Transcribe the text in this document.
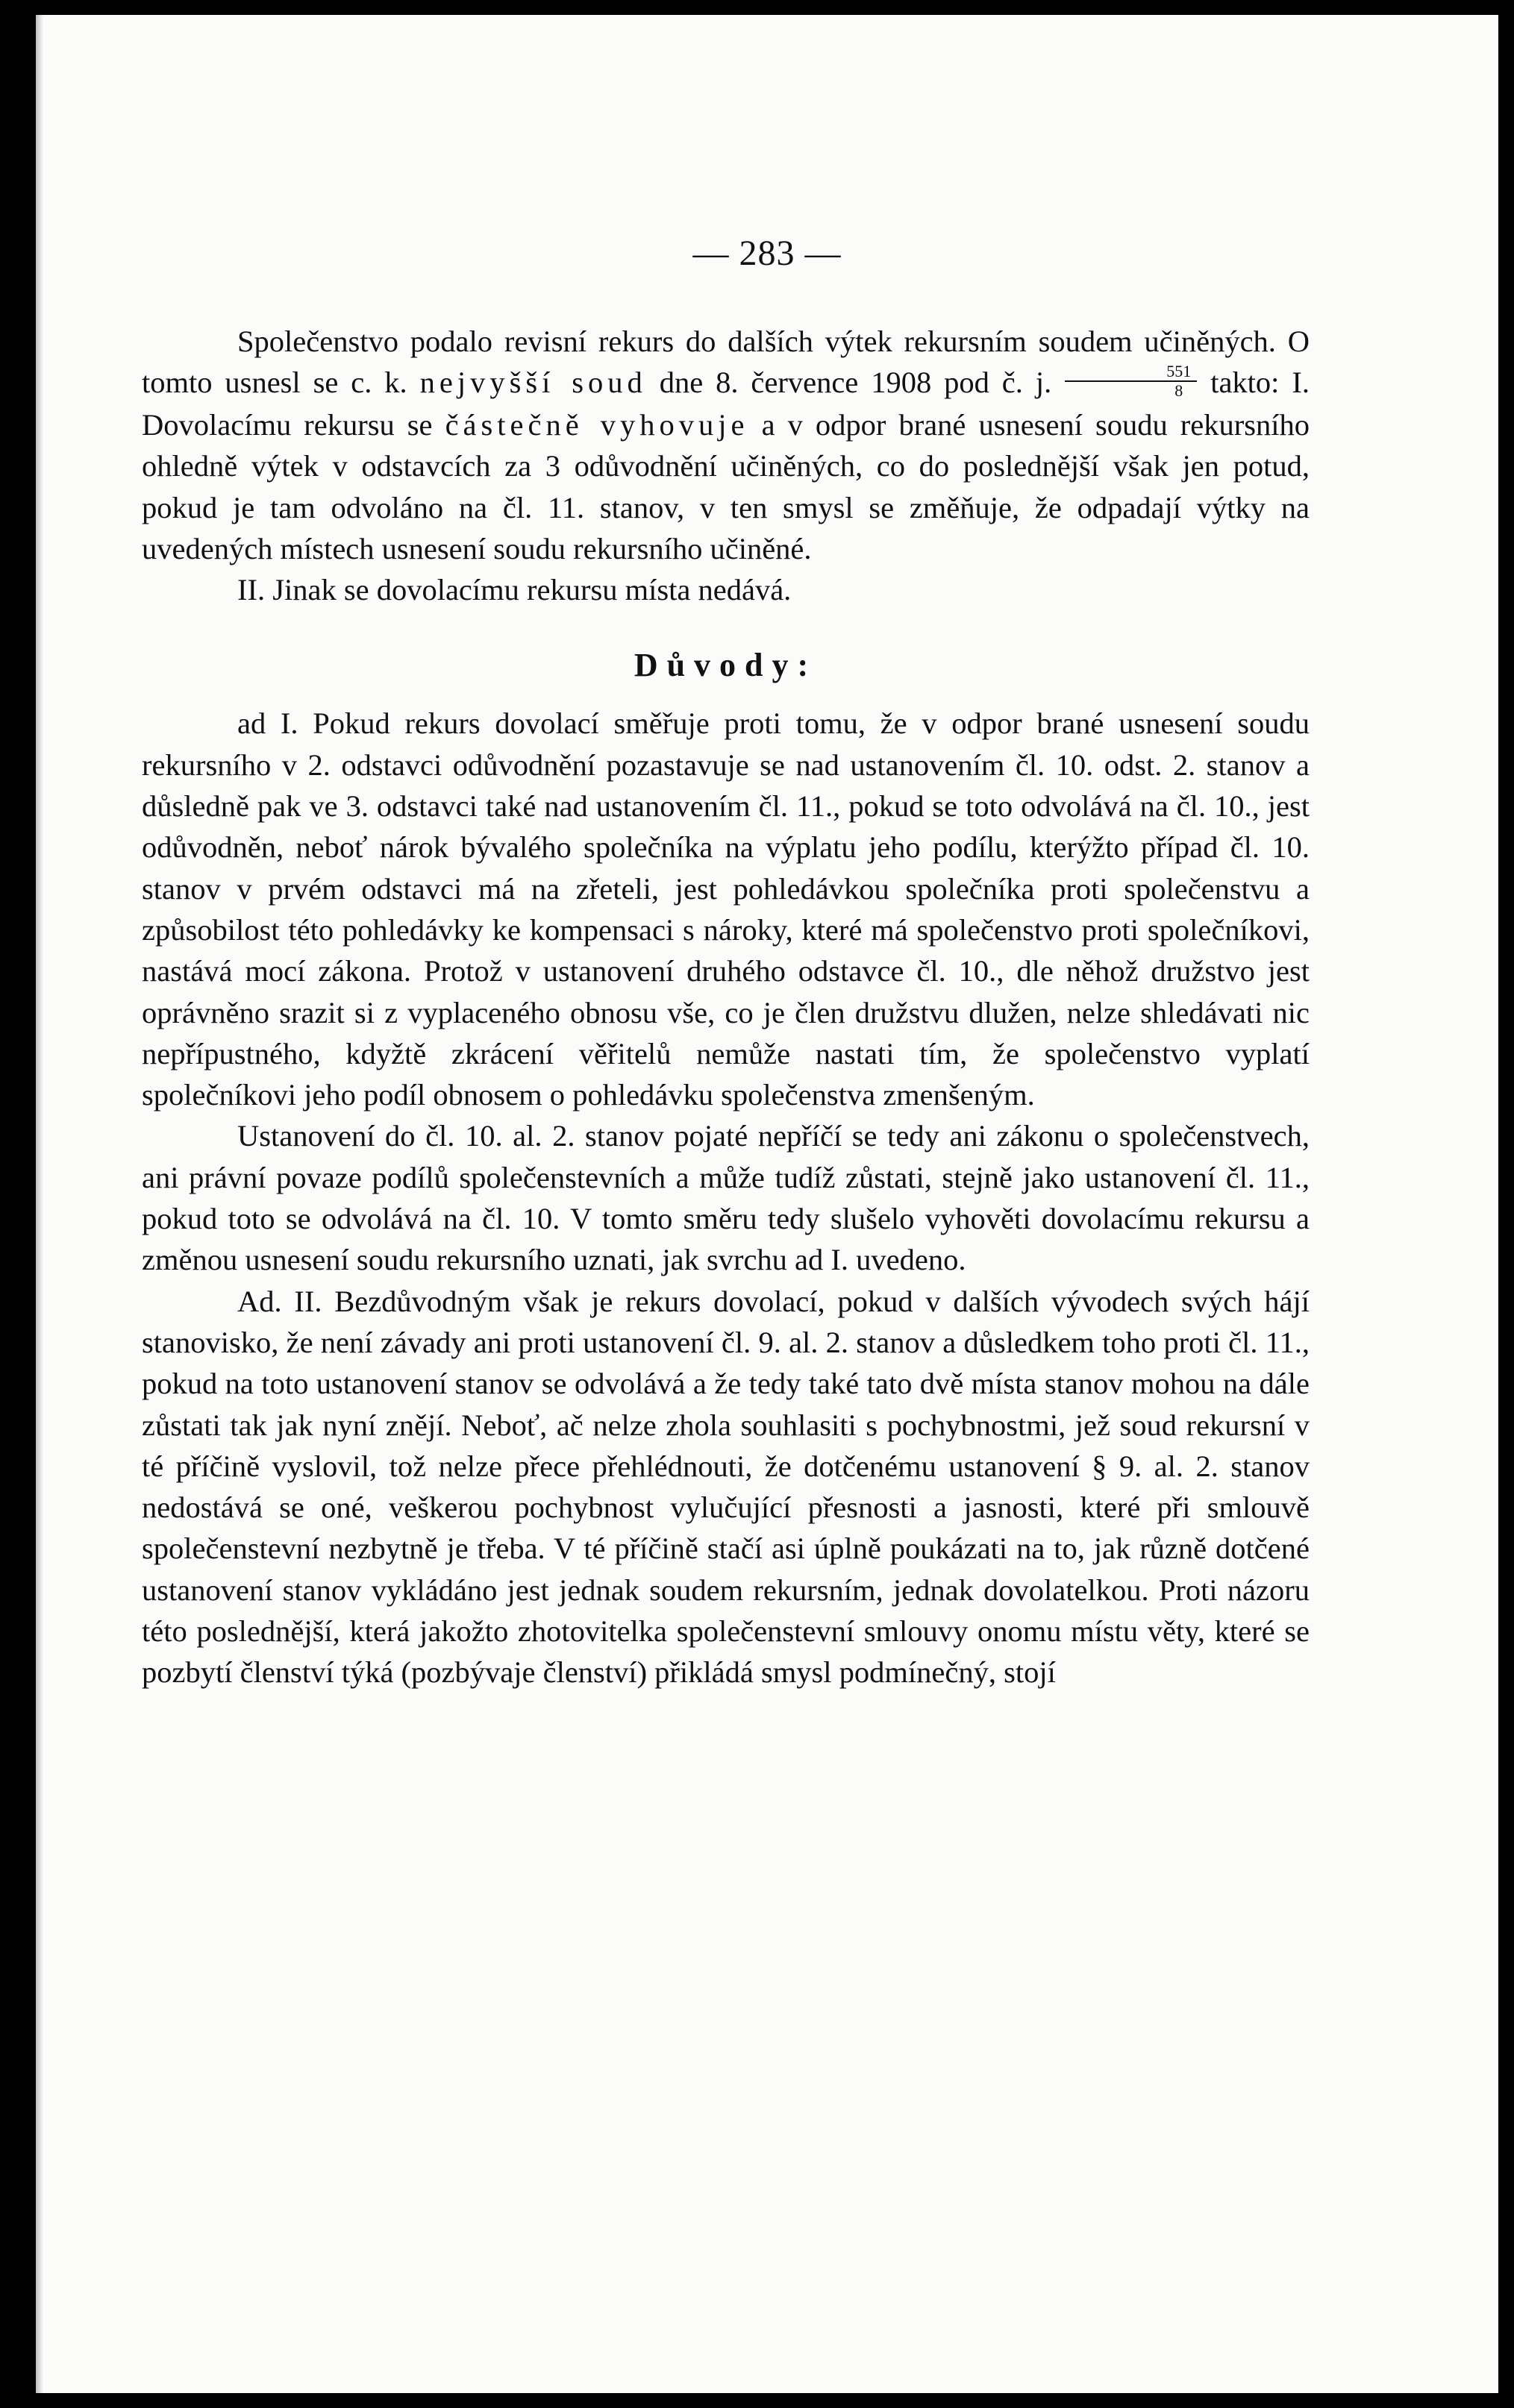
— 283 —

Společenstvo podalo revisní rekurs do dalších výtek rekursním soudem učiněných. O tomto usnesl se c. k. nejvyšší soud dne 8. července 1908 pod č. j. $\frac{551}{8}$ takto: I. Dovolacímu rekursu se částečně vyhovuje a v odpor brané usnesení soudu rekursního ohledně výtek v odstavcích za 3 odůvodnění učiněných, co do poslednější však jen potud, pokud je tam odvoláno na čl. 11. stanov, v ten smysl se změňuje, že odpadají výtky na uvedených místech usnesení soudu rekursního učiněné.

II. Jinak se dovolacímu rekursu místa nedává.

Důvody:

ad I. Pokud rekurs dovolací směřuje proti tomu, že v odpor brané usnesení soudu rekursního v 2. odstavci odůvodnění pozastavuje se nad ustanovením čl. 10. odst. 2. stanov a důsledně pak ve 3. odstavci také nad ustanovením čl. 11., pokud se toto odvolává na čl. 10., jest odůvodněn, neboť nárok bývalého společníka na výplatu jeho podílu, kterýžto případ čl. 10. stanov v prvém odstavci má na zřeteli, jest pohledávkou společníka proti společenstvu a způsobilost této pohledávky ke kompensaci s nároky, které má společenstvo proti společníkovi, nastává mocí zákona. Protož v ustanovení druhého odstavce čl. 10., dle něhož družstvo jest oprávněno srazit si z vyplaceného obnosu vše, co je člen družstvu dlužen, nelze shledávati nic nepřípustného, kdyžtě zkrácení věřitelů nemůže nastati tím, že společenstvo vyplatí společníkovi jeho podíl obnosem o pohledávku společenstva zmenšeným.

Ustanovení do čl. 10. al. 2. stanov pojaté nepříčí se tedy ani zákonu o společenstvech, ani právní povaze podílů společenstevních a může tudíž zůstati, stejně jako ustanovení čl. 11., pokud toto se odvolává na čl. 10. V tomto směru tedy slušelo vyhověti dovolacímu rekursu a změnou usnesení soudu rekursního uznati, jak svrchu ad I. uvedeno.

Ad. II. Bezdůvodným však je rekurs dovolací, pokud v dalších vývodech svých hájí stanovisko, že není závady ani proti ustanovení čl. 9. al. 2. stanov a důsledkem toho proti čl. 11., pokud na toto ustanovení stanov se odvolává a že tedy také tato dvě místa stanov mohou na dále zůstati tak jak nyní znějí. Neboť, ač nelze zhola souhlasiti s pochybnostmi, jež soud rekursní v té příčině vyslovil, tož nelze přece přehlédnouti, že dotčenému ustanovení § 9. al. 2. stanov nedostává se oné, veškerou pochybnost vylučující přesnosti a jasnosti, které při smlouvě společenstevní nezbytně je třeba. V té příčině stačí asi úplně poukázati na to, jak různě dotčené ustanovení stanov vykládáno jest jednak soudem rekursním, jednak dovolatelkou. Proti názoru této poslednější, která jakožto zhotovitelka společenstevní smlouvy onomu místu věty, které se pozbytí členství týká (pozbývaje členství) přikládá smysl podmínečný, stojí
